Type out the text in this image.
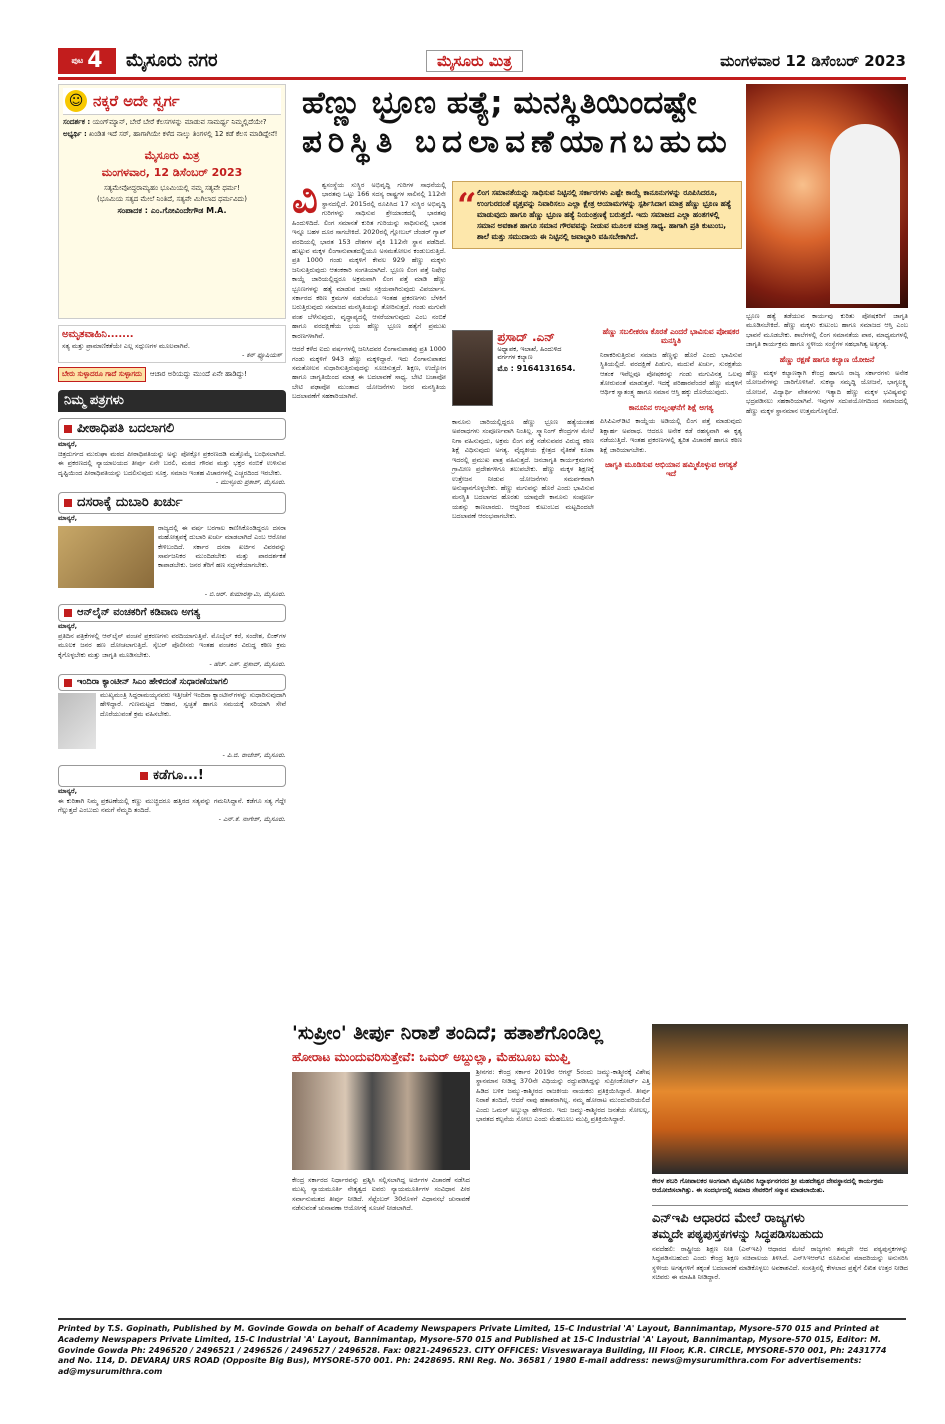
ಪುಟ 4 ಮೈಸೂರು ನಗರ	ಮೈಸೂರು ಮಿತ್ರ	ಮಂಗಳವಾರ 12 ಡಿಸೆಂಬರ್ 2023
☺ ನಕ್ಕರೆ ಅದೇ ಸ್ವರ್ಗ

ಸಂದರ್ಶಕ : ಯಂಗ್‌ಮ್ಯಾನ್, ಬೇರೆ ಬೇರೆ ಕೆಲಸಗಳನ್ನು ಮಾಡುವ ಸಾಮರ್ಥ್ಯ ನಿಮ್ಮಲ್ಲಿದೆಯೇ?

ಅಭ್ಯರ್ಥಿ : ಖಂಡಿತ ಇದೆ ಸರ್, ಹಾಗಾಗಿಯೇ ಕಳೆದ ನಾಲ್ಕು ತಿಂಗಳಲ್ಲಿ 12 ಕಡೆ ಕೆಲಸ ಮಾಡಿದ್ದೇನೆ!

ಮೈಸೂರು ಮಿತ್ರ
ಮಂಗಳವಾರ, 12 ಡಿಸೆಂಬರ್ 2023
ಸತ್ಯಮೇವೋದ್ಧರಾಮ್ಯಹಂ ಭೂಮಿಯಲ್ಲಿ ನಮ್ಮ ಸತ್ಯವೇ ಧರ್ಮ!
(ಭೂಮಿಯ ಸತ್ಯದ ಮೇಲೆ ನಿಂತಿದೆ, ಸತ್ಯವೇ ಮಿಗಿಲಾದ ಧರ್ಮವಿದು)
ಸಂಪಾದಕ : ಎಂ.ಗೋವಿಂದೇಗೌಡ M.A.
ಅಮೃತವಾಹಿನಿ.......
ಸತ್ಯ ಮತ್ತು ಪ್ರಾಮಾಣಿಕತೆಯೇ ಎಲ್ಲ ಸದ್ಗುಣಗಳ ಮೂಲವಾಗಿವೆ.
- ಕನ್ ಫ್ಯೂಷಿಯಸ್
ಬೇರು ಸುಳ್ಳಾದರೂ ಗಾದೆ ಸುಳ್ಳಾಗದು	ಆಚಾರ ಅರಿಯದ್ದು ಮುಂದೆ ಏನೇ ಹಾಡಿದ್ದು!
ನಿಮ್ಮ ಪತ್ರಗಳು
ಪೀಠಾಧಿಪತಿ ಬದಲಾಗಲಿ
ಮಾನ್ಯರೆ,
ಚಿತ್ರದುರ್ಗದ ಮುರುಘಾ ಮಠದ ಪೀಠಾಧಿಪತಿಯನ್ನು ಅನ್ನು ಪೋಕ್ಸೋ ಪ್ರಕರಣದಡಿ ಮತ್ತೊಮ್ಮೆ ಬಂಧಿಸಲಾಗಿದೆ. ಈ ಪ್ರಕರಣದಲ್ಲಿ ನ್ಯಾಯಾಲಯದ ತೀರ್ಪು ಏನೇ ಬರಲಿ, ಮಠದ ಗೌರವ ಮತ್ತು ಭಕ್ತರ ನಂಬಿಕೆ ಉಳಿಸುವ ದೃಷ್ಟಿಯಿಂದ ಪೀಠಾಧಿಪತಿಯನ್ನು ಬದಲಿಸುವುದು ಸೂಕ್ತ. ಸಮಾಜ ಇಂತಹ ವಿಚಾರಗಳಲ್ಲಿ ಎಚ್ಚರದಿಂದ ಇರಬೇಕು.
- ಮುಳ್ಳೂರು ಪ್ರಕಾಶ್, ಮೈಸೂರು.
ದಸರಾಕ್ಕೆ ದುಬಾರಿ ಖರ್ಚು
ಮಾನ್ಯರೆ,
ರಾಜ್ಯದಲ್ಲಿ ಈ ವರ್ಷ ಬರಗಾಲ ಕಾಣಿಸಿಕೊಂಡಿದ್ದರೂ ದಸರಾ ಮಹೋತ್ಸವಕ್ಕೆ ದುಬಾರಿ ಖರ್ಚು ಮಾಡಲಾಗಿದೆ ಎಂಬ ಆರೋಪ ಕೇಳಿಬಂದಿದೆ. ಸರ್ಕಾರ ದಸರಾ ಖರ್ಚಿನ ವಿವರವನ್ನು ಸಾರ್ವಜನಿಕರ ಮುಂದಿಡಬೇಕು ಮತ್ತು ಪಾರದರ್ಶಕತೆ ಕಾಪಾಡಬೇಕು. ಜನರ ತೆರಿಗೆ ಹಣ ಸದ್ಬಳಕೆಯಾಗಬೇಕು.
- ಬಿ.ಆರ್. ಕುಮಾರಸ್ವಾಮಿ, ಮೈಸೂರು.
ಆನ್‌ಲೈನ್ ವಂಚಕರಿಗೆ ಕಡಿವಾಣ ಅಗತ್ಯ
ಮಾನ್ಯರೆ,
ಪ್ರತಿದಿನ ಪತ್ರಿಕೆಗಳಲ್ಲಿ ಆನ್‌ಲೈನ್ ವಂಚನೆ ಪ್ರಕರಣಗಳು ವರದಿಯಾಗುತ್ತಿವೆ. ಮೊಬೈಲ್ ಕರೆ, ಸಂದೇಶ, ಲಿಂಕ್‌ಗಳ ಮೂಲಕ ಜನರ ಹಣ ದೋಚಲಾಗುತ್ತಿದೆ. ಸೈಬರ್ ಪೊಲೀಸರು ಇಂತಹ ವಂಚಕರ ವಿರುದ್ಧ ಕಠಿಣ ಕ್ರಮ ಕೈಗೊಳ್ಳಬೇಕು ಮತ್ತು ಜಾಗೃತಿ ಮೂಡಿಸಬೇಕು.
- ಹೆಚ್. ಎಸ್. ಪ್ರಸಾದ್, ಮೈಸೂರು.
ಇಂದಿರಾ ಕ್ಯಾಂಟೀನ್ ಸಿಎಂ ಹೇಳಿದಂತೆ ಸುಧಾರಣೆಯಾಗಲಿ
ಮುಖ್ಯಮಂತ್ರಿ ಸಿದ್ದರಾಮಯ್ಯನವರು ಇತ್ತೀಚೆಗೆ ಇಂದಿರಾ ಕ್ಯಾಂಟೀನ್‌ಗಳನ್ನು ಸುಧಾರಿಸುವುದಾಗಿ ಹೇಳಿದ್ದಾರೆ. ಗುಣಮಟ್ಟದ ಆಹಾರ, ಸ್ವಚ್ಛತೆ ಹಾಗೂ ಸಮಯಕ್ಕೆ ಸರಿಯಾಗಿ ಸೇವೆ ದೊರೆಯುವಂತೆ ಕ್ರಮ ವಹಿಸಬೇಕು.
- ಪಿ.ಜಿ. ರಾಜೇಶ್, ಮೈಸೂರು.
ಕಡೆಗೂ...!
ಮಾನ್ಯರೆ,
ಈ ಕುರಿತಾಗಿ ನಿಮ್ಮ ಪ್ರಕಟಣೆಯಲ್ಲಿ ಕಣ್ಣು ಮುಚ್ಚಿದರೂ ಹತ್ತಿರದ ಸತ್ಯವನ್ನು ಗಮನಿಸಿದ್ದಾನೆ. ಕಡೆಗೂ ಸತ್ಯ ಗೆದ್ದೇ ಗೆಲ್ಲುತ್ತದೆ ಎಂಬುದು ನಮಗೆ ನೆಮ್ಮದಿ ತಂದಿದೆ.
- ಎನ್.ಕೆ. ನಾಗೇಶ್, ಮೈಸೂರು.
ಹೆಣ್ಣು ಭ್ರೂಣ ಹತ್ಯೆ; ಮನಸ್ಥಿತಿಯಿಂದಷ್ಟೇ
ಪರಿಸ್ಥಿತಿ ಬದಲಾವಣೆಯಾಗಬಹುದು
ವಿ ಶ್ವಸಂಸ್ಥೆಯ ಸುಸ್ಥಿರ ಅಭಿವೃದ್ಧಿ ಗುರಿಗಳ ಸಾಧನೆಯಲ್ಲಿ ಭಾರತವು ಒಟ್ಟು 166 ಸದಸ್ಯ ರಾಷ್ಟ್ರಗಳ ಸಾಲಿನಲ್ಲಿ 112ನೇ ಸ್ಥಾನದಲ್ಲಿದೆ. 2015ರಲ್ಲಿ ರೂಪಿಸಿದ 17 ಸುಸ್ಥಿರ ಅಭಿವೃದ್ಧಿ ಗುರಿಗಳನ್ನು ಸಾಧಿಸುವ ಶ್ರೇಯಾಂಕದಲ್ಲಿ ಭಾರತವು ಹಿಂದುಳಿದಿದೆ. ಲಿಂಗ ಸಮಾನತೆ ಕುರಿತ ಗುರಿಯನ್ನು ಸಾಧಿಸುವಲ್ಲಿ ಭಾರತ ಇನ್ನೂ ಬಹಳ ದೂರ ಸಾಗಬೇಕಿದೆ. 2020ರಲ್ಲಿ ಗ್ಲೋಬಲ್ ಜೆಂಡರ್ ಗ್ಯಾಪ್ ವರದಿಯಲ್ಲಿ ಭಾರತ 153 ದೇಶಗಳ ಪೈಕಿ 112ನೇ ಸ್ಥಾನ ಪಡೆದಿದೆ. ಹುಟ್ಟುವ ಮಕ್ಕಳ ಲಿಂಗಾನುಪಾತದಲ್ಲಿಯೂ ಅಸಮತೋಲನ ಕಂಡುಬರುತ್ತಿದೆ. ಪ್ರತಿ 1000 ಗಂಡು ಮಕ್ಕಳಿಗೆ ಕೇವಲ 929 ಹೆಣ್ಣು ಮಕ್ಕಳು ಜನಿಸುತ್ತಿರುವುದು ಆತಂಕಕಾರಿ ಸಂಗತಿಯಾಗಿದೆ. ಭ್ರೂಣ ಲಿಂಗ ಪತ್ತೆ ನಿಷೇಧ ಕಾಯ್ದೆ ಜಾರಿಯಲ್ಲಿದ್ದರೂ ಅಕ್ರಮವಾಗಿ ಲಿಂಗ ಪತ್ತೆ ಮಾಡಿ ಹೆಣ್ಣು ಭ್ರೂಣಗಳನ್ನು ಹತ್ಯೆ ಮಾಡುವ ಜಾಲ ಸಕ್ರಿಯವಾಗಿರುವುದು ವಿಪರ್ಯಾಸ. ಸರ್ಕಾರದ ಕಠಿಣ ಕ್ರಮಗಳ ನಡುವೆಯೂ ಇಂತಹ ಪ್ರಕರಣಗಳು ಬೆಳಕಿಗೆ ಬರುತ್ತಿರುವುದು ಸಮಾಜದ ಮನಸ್ಥಿತಿಯನ್ನು ತೋರಿಸುತ್ತದೆ. ಗಂಡು ಮಗುವೇ ವಂಶ ಬೆಳೆಸುವುದು, ವೃದ್ಧಾಪ್ಯದಲ್ಲಿ ಆಸರೆಯಾಗುವುದು ಎಂಬ ನಂಬಿಕೆ ಹಾಗೂ ವರದಕ್ಷಿಣೆಯ ಭಯ ಹೆಣ್ಣು ಭ್ರೂಣ ಹತ್ಯೆಗೆ ಪ್ರಮುಖ ಕಾರಣಗಳಾಗಿವೆ.
ಆದರೆ ಕಳೆದ ಐದು ವರ್ಷಗಳಲ್ಲಿ ಜನಿಸಿದವರ ಲಿಂಗಾನುಪಾತವು ಪ್ರತಿ 1000 ಗಂಡು ಮಕ್ಕಳಿಗೆ 943 ಹೆಣ್ಣು ಮಕ್ಕಳಿದ್ದಾರೆ. ಇದು ಲಿಂಗಾನುಪಾತದ ಸಮತೋಲನ ಸುಧಾರಿಸುತ್ತಿರುವುದನ್ನು ಸೂಚಿಸುತ್ತದೆ. ಶಿಕ್ಷಣ, ಉದ್ಯೋಗ ಹಾಗೂ ಜಾಗೃತಿಯಿಂದ ಮಾತ್ರ ಈ ಬದಲಾವಣೆ ಸಾಧ್ಯ. ಬೇಟಿ ಬಚಾವೋ ಬೇಟಿ ಪಢಾವೋ ಮುಂತಾದ ಯೋಜನೆಗಳು ಜನರ ಮನಸ್ಥಿತಿಯ ಬದಲಾವಣೆಗೆ ಸಹಕಾರಿಯಾಗಿವೆ.
“ ಲಿಂಗ ಸಮಾನತೆಯನ್ನು ಸಾಧಿಸುವ ನಿಟ್ಟಿನಲ್ಲಿ ಸರ್ಕಾರಗಳು ಎಷ್ಟೇ ಕಾಯ್ದೆ ಕಾನೂನುಗಳನ್ನು ರೂಪಿಸಿದರೂ, ಉಂಗುರದಂತೆ ವೃತ್ತವನ್ನು ನಿವಾರಿಸಲು ಎಲ್ಲಾ ಕ್ಷೇತ್ರ ಆಯಾಮಗಳನ್ನು ಸ್ಪರ್ಶಿಸಿದಾಗ ಮಾತ್ರ ಹೆಣ್ಣು ಭ್ರೂಣ ಹತ್ಯೆ ಮಾಡುವುದು ಹಾಗೂ ಹೆಣ್ಣು ಭ್ರೂಣ ಹತ್ಯೆ ನಿಯಂತ್ರಣಕ್ಕೆ ಬರುತ್ತದೆ. ಇದು ಸಮಾಜದ ಎಲ್ಲಾ ಹಂತಗಳಲ್ಲಿ ಸಮಾನ ಅವಕಾಶ ಹಾಗೂ ಸಮಾನ ಗೌರವವನ್ನು ನೀಡುವ ಮೂಲಕ ಮಾತ್ರ ಸಾಧ್ಯ. ಹಾಗಾಗಿ ಪ್ರತಿ ಕುಟುಂಬ, ಶಾಲೆ ಮತ್ತು ಸಮುದಾಯ ಈ ನಿಟ್ಟಿನಲ್ಲಿ ಜವಾಬ್ದಾರಿ ವಹಿಸಬೇಕಾಗಿದೆ.
ಪ್ರಸಾದ್ .ಎನ್
ಅಧ್ಯಾಪಕ, ಇಲಾಖೆ, ಹಿಂದುಳಿದ ವರ್ಗಗಳ ಕಲ್ಯಾಣ
ಮೊ : 9164131654.
ಕಾನೂನು ಜಾರಿಯಲ್ಲಿದ್ದರೂ ಹೆಣ್ಣು ಭ್ರೂಣ ಹತ್ಯೆಯಂತಹ ಅಪರಾಧಗಳು ಸಂಪೂರ್ಣವಾಗಿ ನಿಂತಿಲ್ಲ. ಸ್ಕ್ಯಾನಿಂಗ್ ಕೇಂದ್ರಗಳ ಮೇಲೆ ನಿಗಾ ವಹಿಸುವುದು, ಅಕ್ರಮ ಲಿಂಗ ಪತ್ತೆ ನಡೆಸುವವರ ವಿರುದ್ಧ ಕಠಿಣ ಶಿಕ್ಷೆ ವಿಧಿಸುವುದು ಅಗತ್ಯ. ವೈದ್ಯಕೀಯ ಕ್ಷೇತ್ರದ ನೈತಿಕತೆ ಕೂಡಾ ಇದರಲ್ಲಿ ಪ್ರಮುಖ ಪಾತ್ರ ವಹಿಸುತ್ತದೆ. ಜನಜಾಗೃತಿ ಕಾರ್ಯಕ್ರಮಗಳು ಗ್ರಾಮೀಣ ಪ್ರದೇಶಗಳಿಗೂ ತಲುಪಬೇಕು. ಹೆಣ್ಣು ಮಕ್ಕಳ ಶಿಕ್ಷಣಕ್ಕೆ ಉತ್ತೇಜನ ನೀಡುವ ಯೋಜನೆಗಳು ಸಮರ್ಪಕವಾಗಿ ಅನುಷ್ಠಾನಗೊಳ್ಳಬೇಕು. ಹೆಣ್ಣು ಮಗುವನ್ನು ಹೊರೆ ಎಂದು ಭಾವಿಸುವ ಮನಸ್ಥಿತಿ ಬದಲಾಗದ ಹೊರತು ಯಾವುದೇ ಕಾನೂನು ಸಂಪೂರ್ಣ ಯಶಸ್ಸು ಕಾಣಲಾರದು. ಆದ್ದರಿಂದ ಕುಟುಂಬದ ಮಟ್ಟದಿಂದಲೇ ಬದಲಾವಣೆ ಆರಂಭವಾಗಬೇಕು.
ಹೆಣ್ಣು ಸಬಲೀಕರಣ ಕೊರತೆ ಎಂದರೆ ಭಾವಿಸುವ ಪೋಷಕರ ಮನಸ್ಥಿತಿ
ನಿರಾಕರಿಸುತ್ತಿರುವ ಸಮಾಜ ಹೆಣ್ಣನ್ನು ಹೊರೆ ಎಂದು ಭಾವಿಸುವ ಸ್ಥಿತಿಯಲ್ಲಿದೆ. ವರದಕ್ಷಿಣೆ ಪಿಡುಗು, ಮದುವೆ ಖರ್ಚು, ಸುರಕ್ಷತೆಯ ಆತಂಕ ಇವೆಲ್ಲವೂ ಪೋಷಕರನ್ನು ಗಂಡು ಮಗುವಿನತ್ತ ಒಲವು ತೋರುವಂತೆ ಮಾಡುತ್ತವೆ. ಇದಕ್ಕೆ ಪರಿಹಾರವೆಂದರೆ ಹೆಣ್ಣು ಮಕ್ಕಳಿಗೆ ಆರ್ಥಿಕ ಸ್ವಾತಂತ್ರ್ಯ ಹಾಗೂ ಸಮಾನ ಆಸ್ತಿ ಹಕ್ಕು ದೊರೆಯುವುದು.
ಕಾನೂನಿನ ಉಲ್ಲಂಘನೆಗೆ ಶಿಕ್ಷೆ ಅಗತ್ಯ
ಪಿಸಿಪಿಎನ್‌ಡಿಟಿ ಕಾಯ್ದೆಯ ಅಡಿಯಲ್ಲಿ ಲಿಂಗ ಪತ್ತೆ ಮಾಡುವುದು ಶಿಕ್ಷಾರ್ಹ ಅಪರಾಧ. ಆದರೂ ಅನೇಕ ಕಡೆ ರಹಸ್ಯವಾಗಿ ಈ ಕೃತ್ಯ ನಡೆಯುತ್ತಿದೆ. ಇಂತಹ ಪ್ರಕರಣಗಳಲ್ಲಿ ತ್ವರಿತ ವಿಚಾರಣೆ ಹಾಗೂ ಕಠಿಣ ಶಿಕ್ಷೆ ಜಾರಿಯಾಗಬೇಕು.
ಜಾಗೃತಿ ಮೂಡಿಸುವ ಅಭಿಯಾನ ಹಮ್ಮಿಕೊಳ್ಳುವ ಅಗತ್ಯತೆ ಇದೆ
ಭ್ರೂಣ ಹತ್ಯೆ ತಡೆಯುವ ಕಾರ್ಯವು ಕುರಿತು ಪೋಷಕರಿಗೆ ಜಾಗೃತಿ ಮೂಡಿಸಬೇಕಿದೆ. ಹೆಣ್ಣು ಮಕ್ಕಳು ಕುಟುಂಬ ಹಾಗೂ ಸಮಾಜದ ಆಸ್ತಿ ಎಂಬ ಭಾವನೆ ಮೂಡಬೇಕು. ಶಾಲೆಗಳಲ್ಲಿ ಲಿಂಗ ಸಮಾನತೆಯ ಪಾಠ, ಮಾಧ್ಯಮಗಳಲ್ಲಿ ಜಾಗೃತಿ ಕಾರ್ಯಕ್ರಮ ಹಾಗೂ ಸ್ಥಳೀಯ ಸಂಸ್ಥೆಗಳ ಸಹಭಾಗಿತ್ವ ಅತ್ಯಗತ್ಯ.
ಹೆಣ್ಣು ರಕ್ಷಣೆ ಹಾಗೂ ಕಲ್ಯಾಣ ಯೋಜನೆ
ಹೆಣ್ಣು ಮಕ್ಕಳ ಕಲ್ಯಾಣಕ್ಕಾಗಿ ಕೇಂದ್ರ ಹಾಗೂ ರಾಜ್ಯ ಸರ್ಕಾರಗಳು ಅನೇಕ ಯೋಜನೆಗಳನ್ನು ಜಾರಿಗೊಳಿಸಿವೆ. ಸುಕನ್ಯಾ ಸಮೃದ್ಧಿ ಯೋಜನೆ, ಭಾಗ್ಯಲಕ್ಷ್ಮಿ ಯೋಜನೆ, ವಿದ್ಯಾರ್ಥಿ ವೇತನಗಳು ಇತ್ಯಾದಿ ಹೆಣ್ಣು ಮಕ್ಕಳ ಭವಿಷ್ಯವನ್ನು ಭದ್ರಪಡಿಸಲು ಸಹಕಾರಿಯಾಗಿವೆ. ಇವುಗಳ ಸದುಪಯೋಗದಿಂದ ಸಮಾಜದಲ್ಲಿ ಹೆಣ್ಣು ಮಕ್ಕಳ ಸ್ಥಾನಮಾನ ಉತ್ತಮಗೊಳ್ಳಲಿದೆ.
'ಸುಪ್ರೀಂ' ತೀರ್ಪು ನಿರಾಶೆ ತಂದಿದೆ; ಹತಾಶೆಗೊಂಡಿಲ್ಲ
ಹೋರಾಟ ಮುಂದುವರಿಸುತ್ತೇವೆ: ಒಮರ್ ಅಬ್ದುಲ್ಲಾ, ಮೆಹಬೂಬ ಮುಫ್ತಿ
ಶ್ರೀನಗರ: ಕೇಂದ್ರ ಸರ್ಕಾರ 2019ರ ಆಗಸ್ಟ್ 5ರಂದು ಜಮ್ಮು-ಕಾಶ್ಮೀರಕ್ಕೆ ವಿಶೇಷ ಸ್ಥಾನಮಾನ ನೀಡಿದ್ದ 370ನೇ ವಿಧಿಯನ್ನು ರದ್ದುಪಡಿಸಿದ್ದನ್ನು ಸುಪ್ರೀಂಕೋರ್ಟ್ ಎತ್ತಿ ಹಿಡಿದ ಬಳಿಕ ಜಮ್ಮು-ಕಾಶ್ಮೀರದ ರಾಜಕೀಯ ನಾಯಕರು ಪ್ರತಿಕ್ರಿಯಿಸಿದ್ದಾರೆ. ತೀರ್ಪು ನಿರಾಶೆ ತಂದಿದೆ, ಆದರೆ ನಾವು ಹತಾಶರಾಗಿಲ್ಲ. ನಮ್ಮ ಹೋರಾಟ ಮುಂದುವರಿಯಲಿದೆ ಎಂದು ಒಮರ್ ಅಬ್ದುಲ್ಲಾ ಹೇಳಿದರು. ಇದು ಜಮ್ಮು-ಕಾಶ್ಮೀರದ ಜನತೆಯ ಸೋಲಲ್ಲ, ಭಾರತದ ಕಲ್ಪನೆಯ ಸೋಲು ಎಂದು ಮೆಹಬೂಬ ಮುಫ್ತಿ ಪ್ರತಿಕ್ರಿಯಿಸಿದ್ದಾರೆ.
ಕೇಂದ್ರ ಸರ್ಕಾರದ ನಿರ್ಧಾರವನ್ನು ಪ್ರಶ್ನಿಸಿ ಸಲ್ಲಿಸಲಾಗಿದ್ದ ಅರ್ಜಿಗಳ ವಿಚಾರಣೆ ನಡೆಸಿದ ಮುಖ್ಯ ನ್ಯಾಯಮೂರ್ತಿ ನೇತೃತ್ವದ ಐವರು ನ್ಯಾಯಮೂರ್ತಿಗಳ ಸಂವಿಧಾನ ಪೀಠ ಸರ್ವಾನುಮತದ ತೀರ್ಪು ನೀಡಿದೆ. ಸೆಪ್ಟೆಂಬರ್ 30ರೊಳಗೆ ವಿಧಾನಸಭೆ ಚುನಾವಣೆ ನಡೆಸುವಂತೆ ಚುನಾವಣಾ ಆಯೋಗಕ್ಕೆ ಸೂಚನೆ ನೀಡಲಾಗಿದೆ.
ಕೇರಳ ಶಬರಿ ಗೋಪಾಲಕರ ಅಂಗವಾಗಿ ಮೈಸೂರಿನ ಸಿದ್ಧಾರ್ಥನಗರದ ಶ್ರೀ ಮಹದೇಶ್ವರ ದೇವಸ್ಥಾನದಲ್ಲಿ ಕಾರ್ಯಕ್ರಮ ಆಯೋಜಿಸಲಾಗಿತ್ತು. ಈ ಸಂದರ್ಭದಲ್ಲಿ ಸಮಾಜ ಸೇವಕರಿಗೆ ಸನ್ಮಾನ ಮಾಡಲಾಯಿತು.
ಎನ್‌ಇಪಿ ಆಧಾರದ ಮೇಲೆ ರಾಜ್ಯಗಳು
ತಮ್ಮದೇ ಪಠ್ಯಪುಸ್ತಕಗಳನ್ನು ಸಿದ್ಧಪಡಿಸಬಹುದು
ನವದೆಹಲಿ: ರಾಷ್ಟ್ರೀಯ ಶಿಕ್ಷಣ ನೀತಿ (ಎನ್‌ಇಪಿ) ಆಧಾರದ ಮೇಲೆ ರಾಜ್ಯಗಳು ತಮ್ಮದೇ ಆದ ಪಠ್ಯಪುಸ್ತಕಗಳನ್ನು ಸಿದ್ಧಪಡಿಸಬಹುದು ಎಂದು ಕೇಂದ್ರ ಶಿಕ್ಷಣ ಸಚಿವಾಲಯ ತಿಳಿಸಿದೆ. ಎನ್‌ಸಿಇಆರ್‌ಟಿ ರೂಪಿಸುವ ಮಾದರಿಯನ್ನು ಅನುಸರಿಸಿ ಸ್ಥಳೀಯ ಅಗತ್ಯಗಳಿಗೆ ತಕ್ಕಂತೆ ಬದಲಾವಣೆ ಮಾಡಿಕೊಳ್ಳಲು ಅವಕಾಶವಿದೆ. ಸಂಸತ್ತಿನಲ್ಲಿ ಕೇಳಲಾದ ಪ್ರಶ್ನೆಗೆ ಲಿಖಿತ ಉತ್ತರ ನೀಡಿದ ಸಚಿವರು ಈ ಮಾಹಿತಿ ನೀಡಿದ್ದಾರೆ.
Printed by T.S. Gopinath, Published by M. Govinde Gowda on behalf of Academy Newspapers Private Limited, 15-C Industrial 'A' Layout, Bannimantap, Mysore-570 015 and Printed at Academy Newspapers Private Limited, 15-C Industrial 'A' Layout, Bannimantap, Mysore-570 015 and Published at 15-C Industrial 'A' Layout, Bannimantap, Mysore-570 015, Editor: M. Govinde Gowda Ph: 2496520 / 2496521 / 2496526 / 2496527 / 2496528. Fax: 0821-2496523. CITY OFFICES: Visveswaraya Building, III Floor, K.R. CIRCLE, MYSORE-570 001, Ph: 2431774 and No. 114, D. DEVARAJ URS ROAD (Opposite Big Bus), MYSORE-570 001. Ph: 2428695. RNI Reg. No. 36581 / 1980 E-mail address: news@mysurumithra.com For advertisements: ad@mysurumithra.com
